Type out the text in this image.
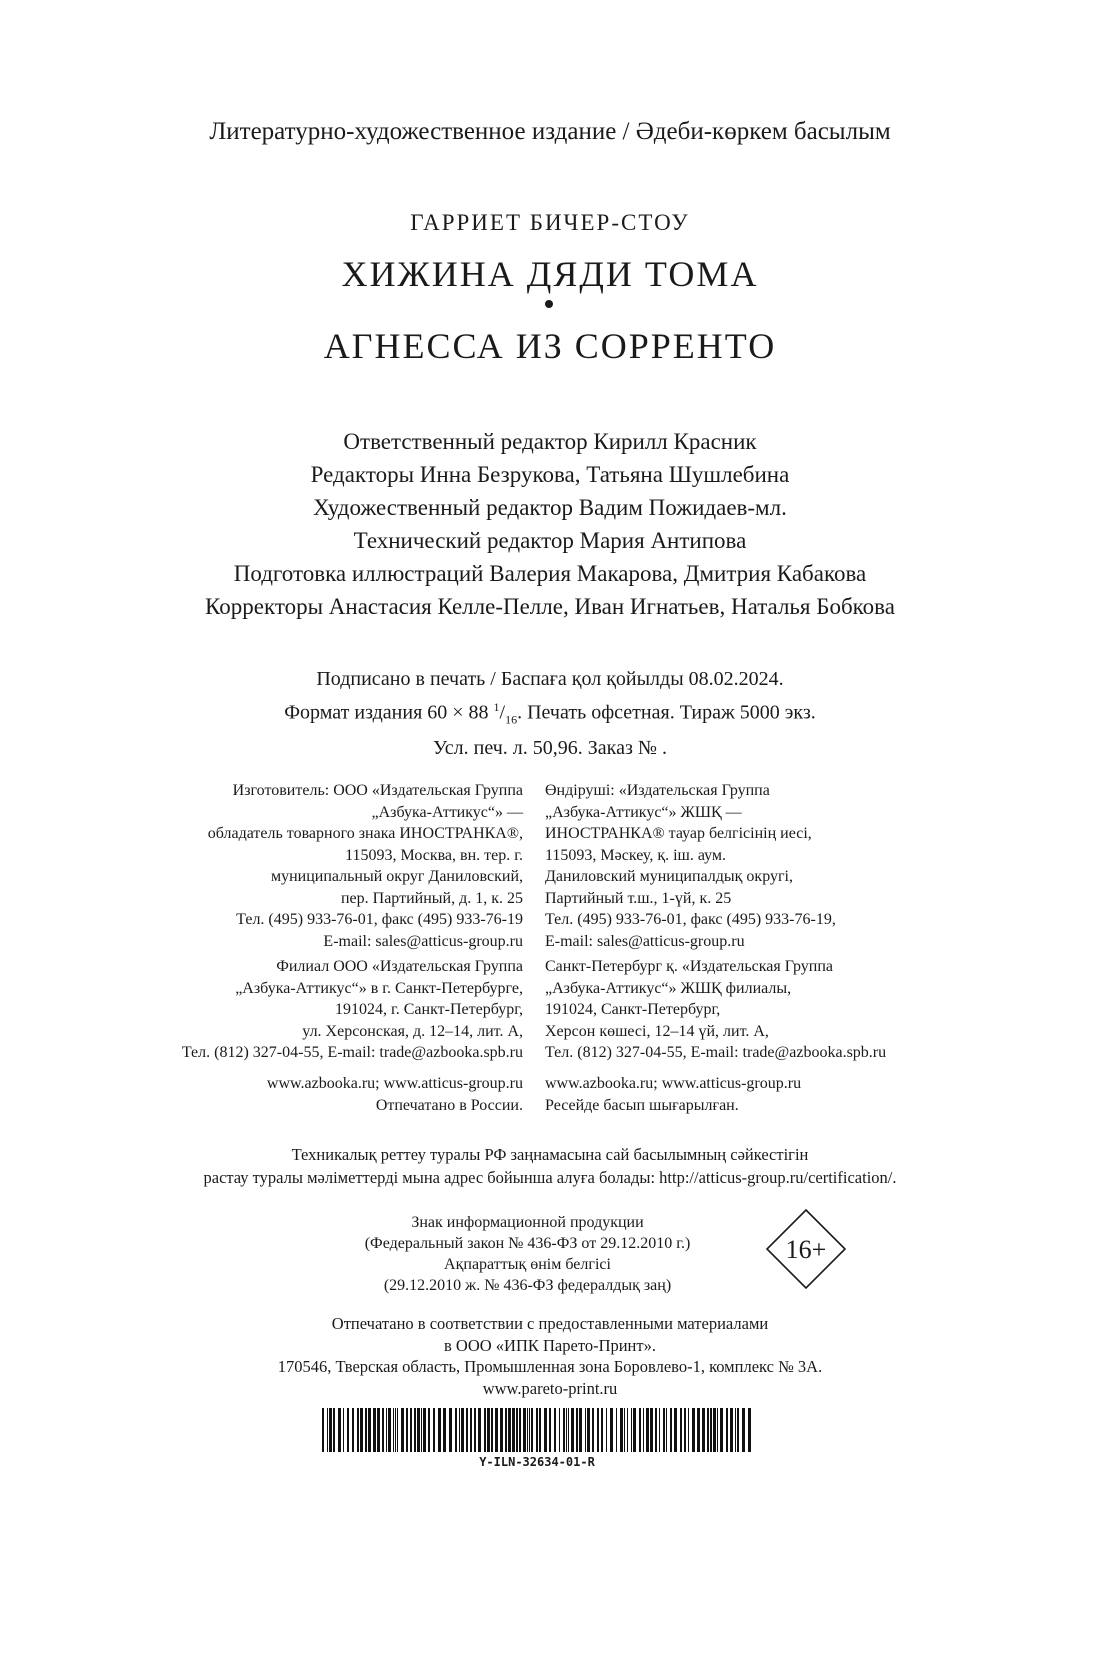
Литературно-художественное издание / Әдеби-көркем басылым
ГАРРИЕТ БИЧЕР-СТОУ
ХИЖИНА ДЯДИ ТОМА
АГНЕССА ИЗ СОРРЕНТО
Ответственный редактор Кирилл Красник
Редакторы Инна Безрукова, Татьяна Шушлебина
Художественный редактор Вадим Пожидаев-мл.
Технический редактор Мария Антипова
Подготовка иллюстраций Валерия Макарова, Дмитрия Кабакова
Корректоры Анастасия Келле-Пелле, Иван Игнатьев, Наталья Бобкова
Подписано в печать / Баспаға қол қойылды 08.02.2024.
Формат издания 60 × 88 $^1/_{16}$. Печать офсетная. Тираж 5000 экз.
Усл. печ. л. 50,96. Заказ № .
Изготовитель: ООО «Издательская Группа
„Азбука-Аттикус“» —
обладатель товарного знака ИНОСТРАНКА®,
115093, Москва, вн. тер. г.
муниципальный округ Даниловский,
пер. Партийный, д. 1, к. 25
Тел. (495) 933-76-01, факс (495) 933-76-19
E-mail: sales@atticus-group.ru
Өндіруші: «Издательская Группа
„Азбука-Аттикус“» ЖШҚ —
ИНОСТРАНКА® тауар белгісінің иесі,
115093, Мәскеу, қ. іш. аум.
Даниловский муниципалдық округі,
Партийный т.ш., 1-үй, к. 25
Тел. (495) 933-76-01, факс (495) 933-76-19,
E-mail: sales@atticus-group.ru
Филиал ООО «Издательская Группа
„Азбука-Аттикус“» в г. Санкт-Петербурге,
191024, г. Санкт-Петербург,
ул. Херсонская, д. 12–14, лит. А,
Тел. (812) 327-04-55, E-mail: trade@azbooka.spb.ru
Санкт-Петербург қ. «Издательская Группа
„Азбука-Аттикус“» ЖШҚ филиалы,
191024, Санкт-Петербург,
Херсон көшесі, 12–14 үй, лит. А,
Тел. (812) 327-04-55, E-mail: trade@azbooka.spb.ru
www.azbooka.ru; www.atticus-group.ru
Отпечатано в России.
www.azbooka.ru; www.atticus-group.ru
Ресейде басып шығарылған.
Техникалық реттеу туралы РФ заңнамасына сай басылымның сәйкестігін
растау туралы мәліметтерді мына адрес бойынша алуға болады: http://atticus-group.ru/certification/.
Знак информационной продукции
(Федеральный закон № 436-ФЗ от 29.12.2010 г.)
Ақпараттық өнім белгісі
(29.12.2010 ж. № 436-ФЗ федералдық заң)
16+
Отпечатано в соответствии с предоставленными материалами
в ООО «ИПК Парето-Принт».
170546, Тверская область, Промышленная зона Боровлево-1, комплекс № 3А.
www.pareto-print.ru
Y-ILN-32634-01-R
